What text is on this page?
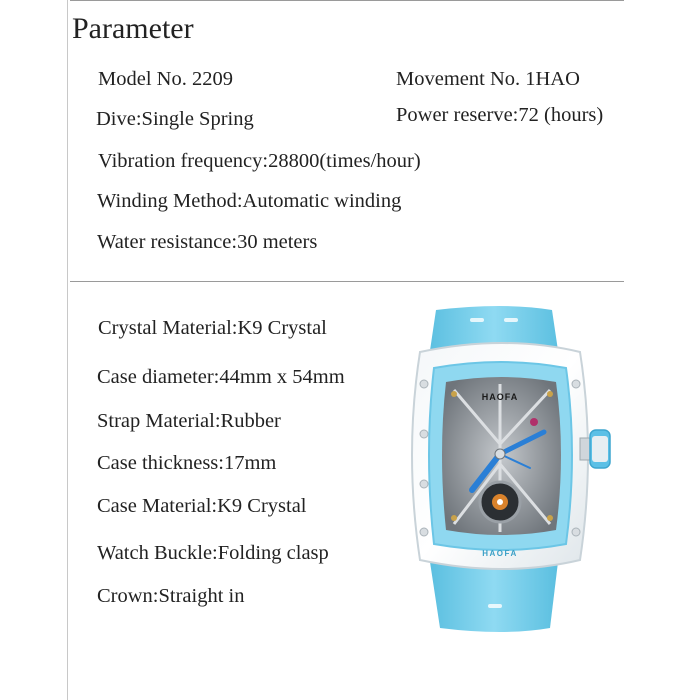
Parameter
Model No. 2209	Movement No. 1HAO
Dive:Single Spring	Power reserve:72 (hours)
Vibration frequency:28800(times/hour)
Winding Method:Automatic winding
Water resistance:30 meters
Crystal Material:K9 Crystal
Case diameter:44mm x 54mm
Strap Material:Rubber
Case thickness:17mm
Case Material:K9 Crystal
Watch Buckle:Folding clasp
Crown:Straight in
HAOFA
HAOFA
